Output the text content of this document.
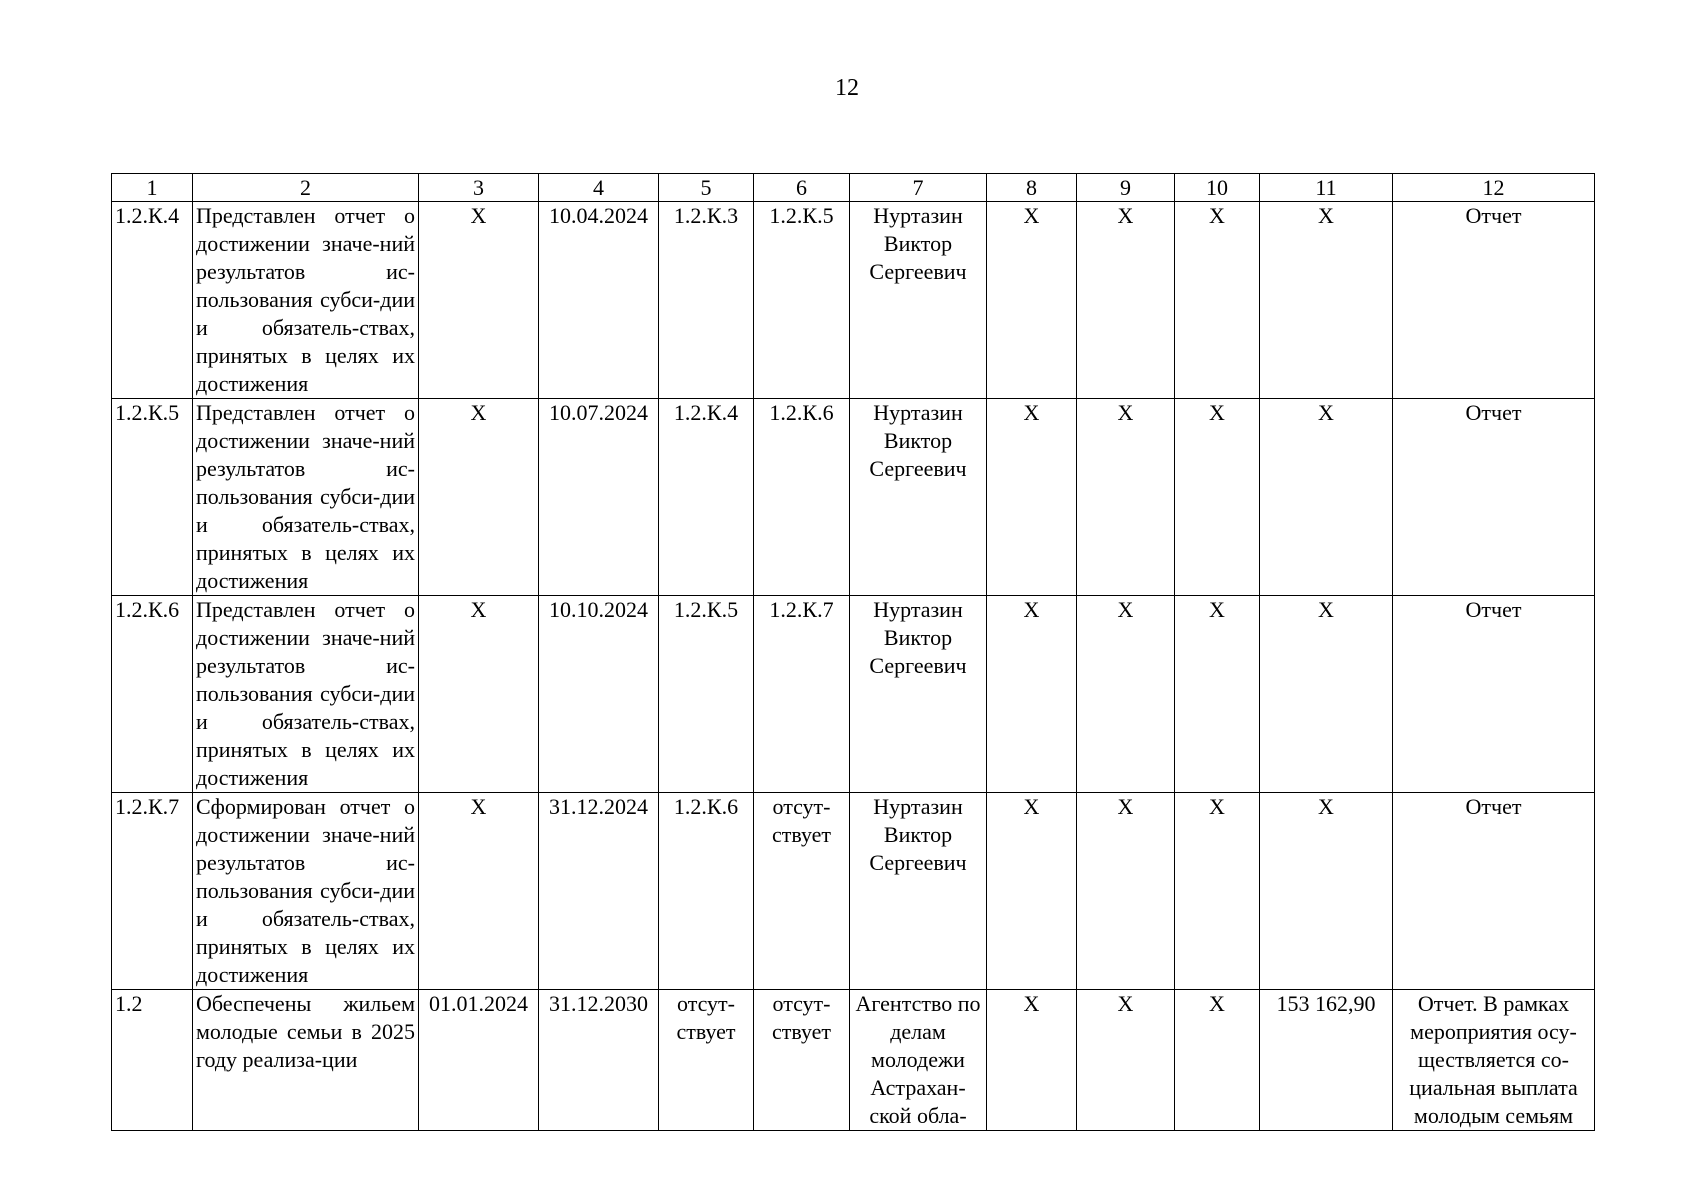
12
1	2	3	4	5	6	7	8	9	10	11	12
1.2.К.4	Представлен отчет о достижении значе-ний результатов ис-пользования субси-дии и обязатель-ствах, принятых в целях их достижения	Х	10.04.2024	1.2.К.3	1.2.К.5	Нуртазин Виктор Сергеевич	Х	Х	Х	Х	Отчет
1.2.К.5	Представлен отчет о достижении значе-ний результатов ис-пользования субси-дии и обязатель-ствах, принятых в целях их достижения	Х	10.07.2024	1.2.К.4	1.2.К.6	Нуртазин Виктор Сергеевич	Х	Х	Х	Х	Отчет
1.2.К.6	Представлен отчет о достижении значе-ний результатов ис-пользования субси-дии и обязатель-ствах, принятых в целях их достижения	Х	10.10.2024	1.2.К.5	1.2.К.7	Нуртазин Виктор Сергеевич	Х	Х	Х	Х	Отчет
1.2.К.7	Сформирован отчет о достижении значе-ний результатов ис-пользования субси-дии и обязатель-ствах, принятых в целях их достижения	Х	31.12.2024	1.2.К.6	отсут-ствует	Нуртазин Виктор Сергеевич	Х	Х	Х	Х	Отчет
1.2	Обеспечены жильем молодые семьи в 2025 году реализа-ции	01.01.2024	31.12.2030	отсут-ствует	отсут-ствует	Агентство по делам молодежи Астрахан-ской обла-	Х	Х	Х	153 162,90	Отчет. В рамках мероприятия осу-ществляется со-циальная выплата молодым семьям
